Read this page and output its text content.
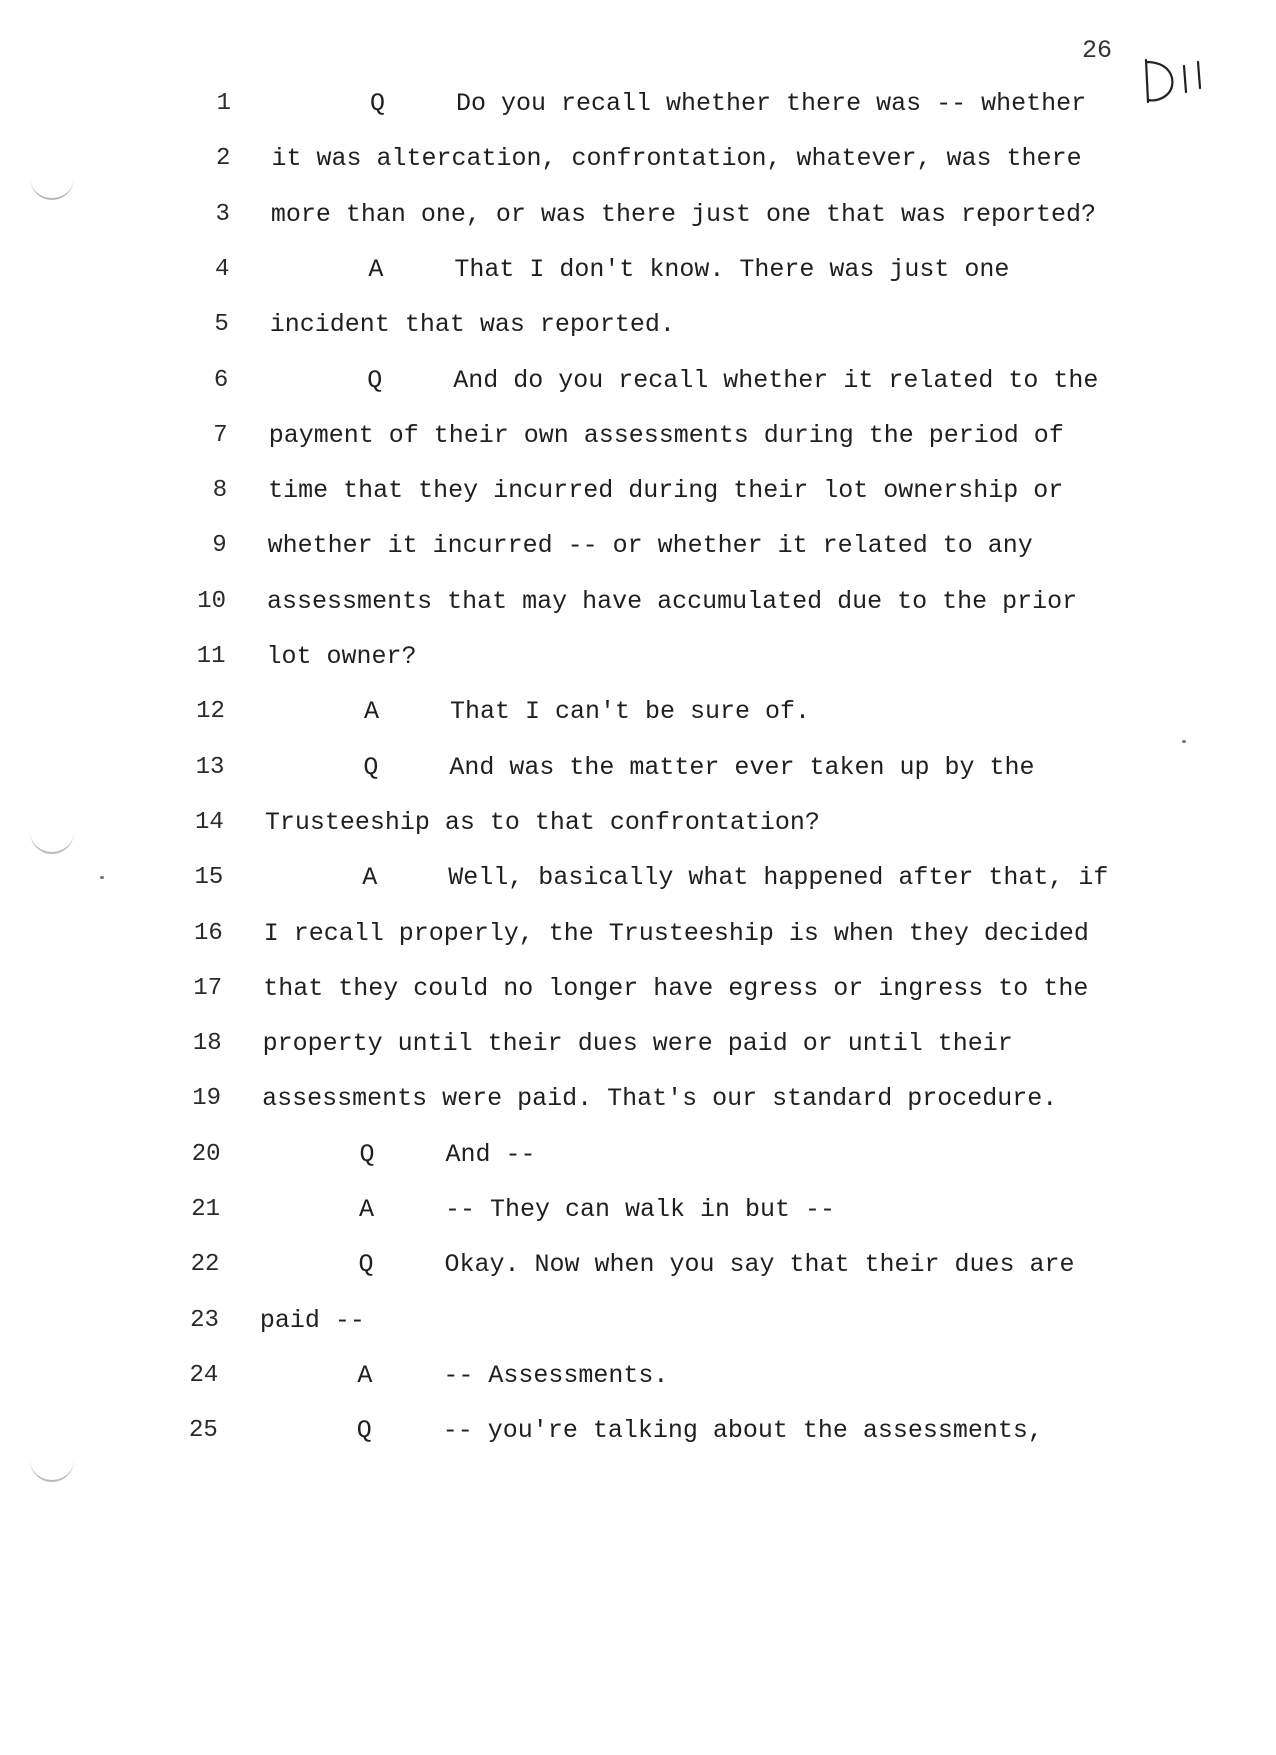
26
1	Q	Do you recall whether there was -- whether
2 it was altercation, confrontation, whatever, was there
3 more than one, or was there just one that was reported?
4	A	That I don't know. There was just one
5 incident that was reported.
6	Q	And do you recall whether it related to the
7 payment of their own assessments during the period of
8 time that they incurred during their lot ownership or
9 whether it incurred -- or whether it related to any
10 assessments that may have accumulated due to the prior
11 lot owner?
12	A	That I can't be sure of.
13	Q	And was the matter ever taken up by the
14 Trusteeship as to that confrontation?
15	A	Well, basically what happened after that, if
16 I recall properly, the Trusteeship is when they decided
17 that they could no longer have egress or ingress to the
18 property until their dues were paid or until their
19 assessments were paid. That's our standard procedure.
20	Q	And --
21	A	-- They can walk in but --
22	Q	Okay. Now when you say that their dues are
23 paid --
24	A	-- Assessments.
25	Q	-- you're talking about the assessments,
